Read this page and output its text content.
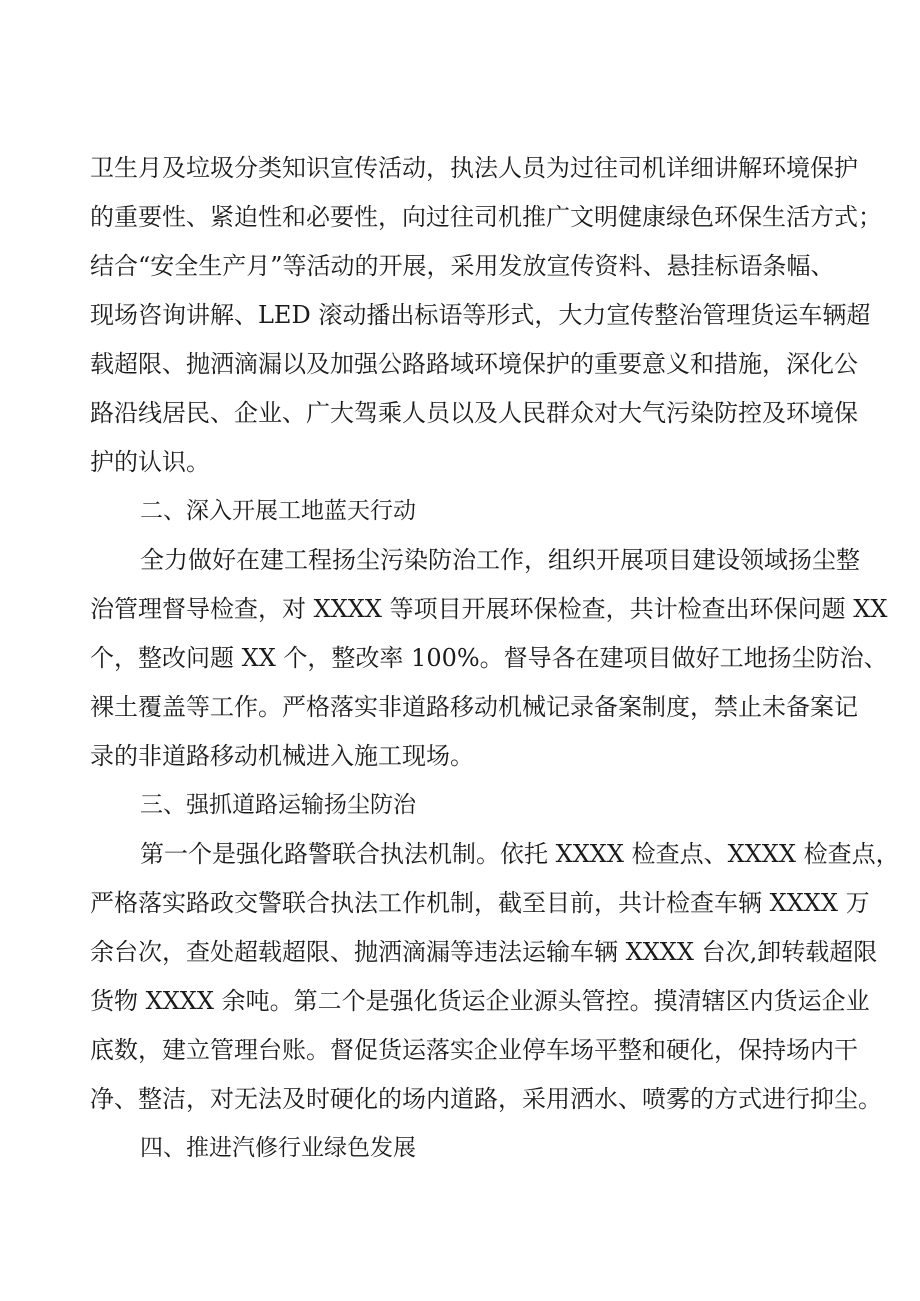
卫生月及垃圾分类知识宣传活动，执法人员为过往司机详细讲解环境保护
的重要性、紧迫性和必要性，向过往司机推广文明健康绿色环保生活方式；
结合“安全生产月”等活动的开展，采用发放宣传资料、悬挂标语条幅、
现场咨询讲解、LED 滚动播出标语等形式，大力宣传整治管理货运车辆超
载超限、抛洒滴漏以及加强公路路域环境保护的重要意义和措施，深化公
路沿线居民、企业、广大驾乘人员以及人民群众对大气污染防控及环境保
护的认识。
二、深入开展工地蓝天行动
全力做好在建工程扬尘污染防治工作，组织开展项目建设领域扬尘整
治管理督导检查，对 XXXX 等项目开展环保检查，共计检查出环保问题 XX
个，整改问题 XX 个，整改率 100%。督导各在建项目做好工地扬尘防治、
裸土覆盖等工作。严格落实非道路移动机械记录备案制度，禁止未备案记
录的非道路移动机械进入施工现场。
三、强抓道路运输扬尘防治
第一个是强化路警联合执法机制。依托 XXXX 检查点、XXXX 检查点，
严格落实路政交警联合执法工作机制，截至目前，共计检查车辆 XXXX 万
余台次，查处超载超限、抛洒滴漏等违法运输车辆 XXXX 台次,卸转载超限
货物 XXXX 余吨。第二个是强化货运企业源头管控。摸清辖区内货运企业
底数，建立管理台账。督促货运落实企业停车场平整和硬化，保持场内干
净、整洁，对无法及时硬化的场内道路，采用洒水、喷雾的方式进行抑尘。
四、推进汽修行业绿色发展
